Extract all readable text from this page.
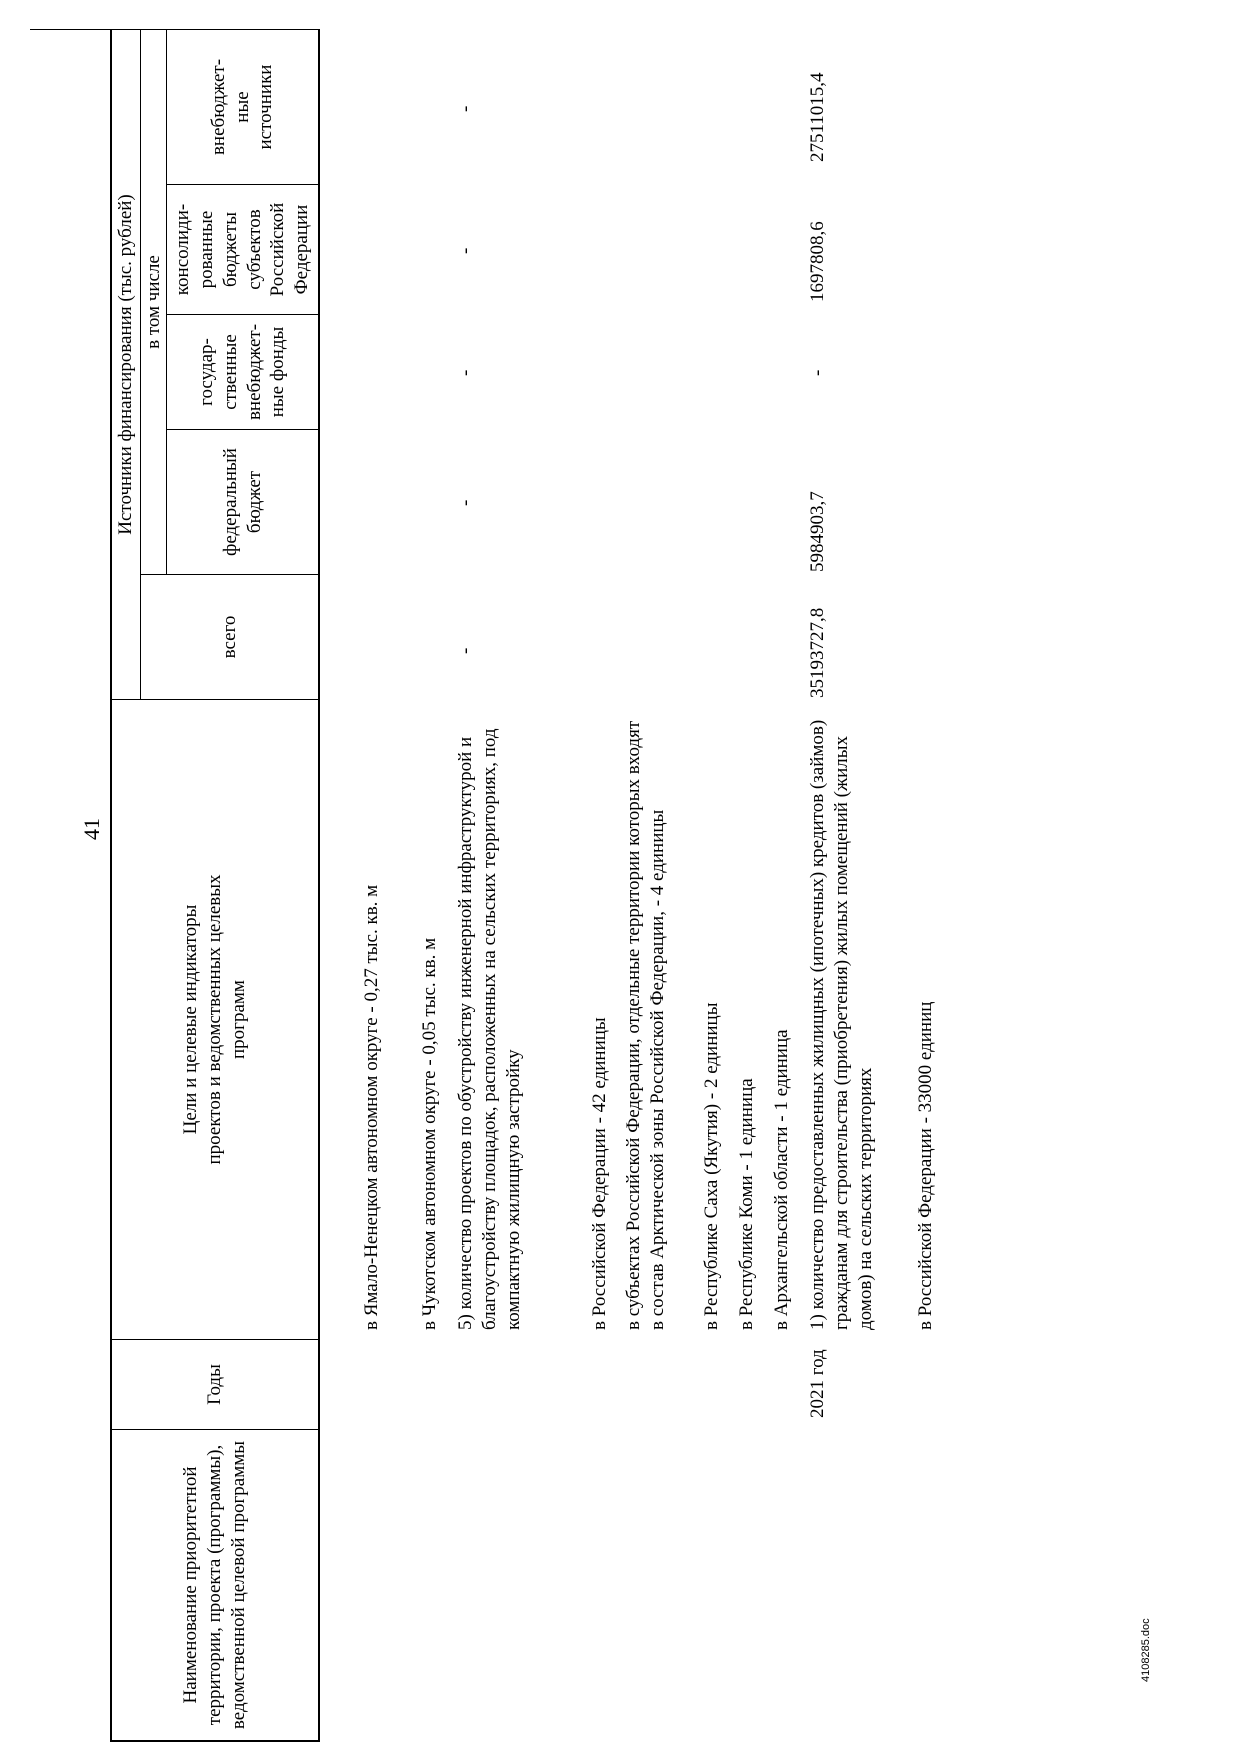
41
Наименование приоритетной территории, проекта (программы), ведомственной целевой программы
Годы
Цели и целевые индикаторы проектов и ведомственных целевых программ
Источники финансирования (тыс. рублей)
всего
в том числе
федеральный бюджет
государ-ственные внебюджет-ные фонды
консолиди-рованные бюджеты субъектов Российской Федерации
внебюджет-ные источники
в Ямало-Ненецком автономном округе - 0,27 тыс. кв. м в Чукотском автономном округе - 0,05 тыс. кв. м 5) количество проектов по обустройству инженерной инфраструктурой и благоустройству площадок, расположенных на сельских территориях, под компактную жилищную застройку
-
-
-
-
-
в Российской Федерации - 42 единицы в субъектах Российской Федерации, отдельные территории которых входят в состав Арктической зоны Российской Федерации, - 4 единицы в Республике Саха (Якутия) - 2 единицы в Республике Коми - 1 единица в Архангельской области - 1 единица
2021 год
1) количество предоставленных жилищных (ипотечных) кредитов (займов) гражданам для строительства (приобретения) жилых помещений (жилых домов) на сельских территориях
35193727,8
5984903,7
-
1697808,6
27511015,4
в Российской Федерации - 33000 единиц
4108285.doc
